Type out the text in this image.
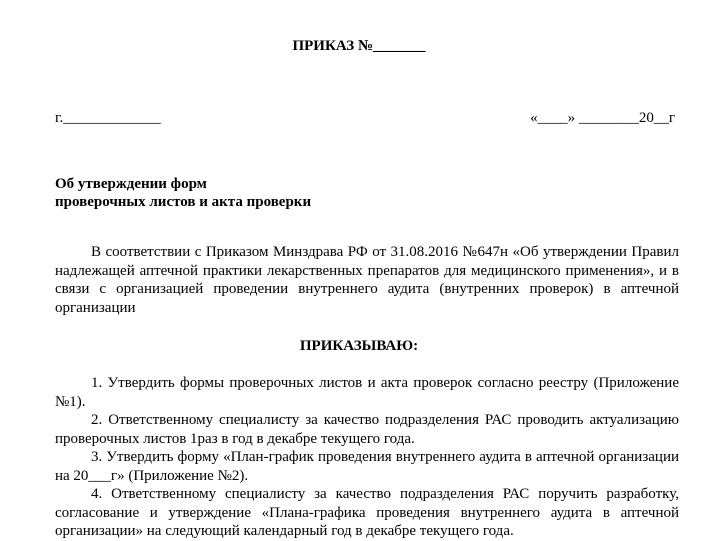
ПРИКАЗ №_______
г._____________	«____» ________20__г
Об утверждении форм
проверочных листов и акта проверки

В соответствии с Приказом Минздрава РФ от 31.08.2016 №647н «Об утверждении Правил надлежащей аптечной практики лекарственных препаратов для медицинского применения», и в связи с организацией проведении внутреннего аудита (внутренних проверок) в аптечной организации

ПРИКАЗЫВАЮ:
1. Утвердить формы проверочных листов и акта проверок согласно реестру (Приложение №1).
2. Ответственному специалисту за качество подразделения РАС проводить актуализацию проверочных листов 1раз в год в декабре текущего года.
3. Утвердить форму «План-график проведения внутреннего аудита в аптечной организации на 20___г» (Приложение №2).
4. Ответственному специалисту за качество подразделения РАС поручить разработку, согласование и утверждение «Плана-графика проведения внутреннего аудита в аптечной организации» на следующий календарный год в декабре текущего года.
